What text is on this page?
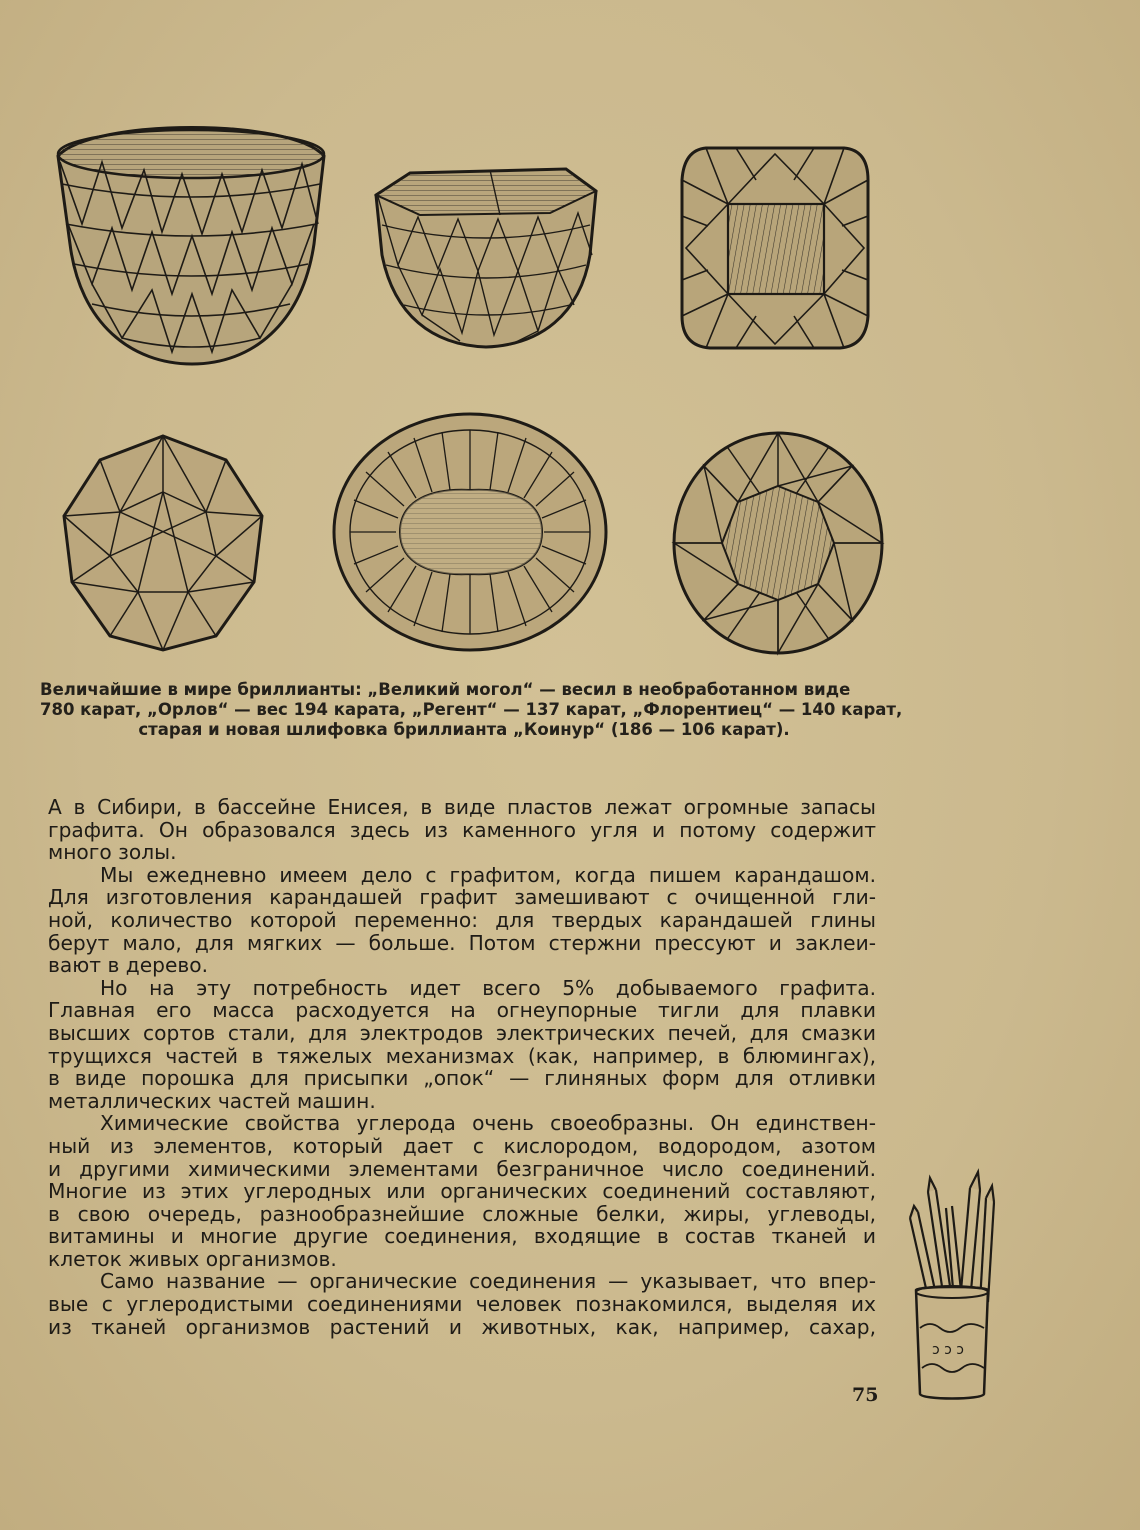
Величайшие в мире бриллианты: „Великий могол“ — весил в необработанном виде
780 карат, „Орлов“ — вес 194 карата, „Регент“ — 137 карат, „Флорентиец“ — 140 карат,
старая и новая шлифовка бриллианта „Коинур“ (186 — 106 карат).

А в Сибири, в бассейне Енисея, в виде пластов лежат огромные запасы
графита. Он образовался здесь из каменного угля и потому содержит
много золы.

Мы ежедневно имеем дело с графитом, когда пишем карандашом.
Для изготовления карандашей графит замешивают с очищенной гли-
ной, количество которой переменно: для твердых карандашей глины
берут мало, для мягких — больше. Потом стержни прессуют и заклеи-
вают в дерево.

Но на эту потребность идет всего 5% добываемого графита.
Главная его масса расходуется на огнеупорные тигли для плавки
высших сортов стали, для электродов электрических печей, для смазки
трущихся частей в тяжелых механизмах (как, например, в блюмингах),
в виде порошка для присыпки „опок“ — глиняных форм для отливки
металлических частей машин.

Химические свойства углерода очень своеобразны. Он единствен-
ный из элементов, который дает с кислородом, водородом, азотом
и другими химическими элементами безграничное число соединений.
Многие из этих углеродных или органических соединений составляют,
в свою очередь, разнообразнейшие сложные белки, жиры, углеводы,
витамины и многие другие соединения, входящие в состав тканей и
клеток живых организмов.

Само название — органические соединения — указывает, что впер-
вые с углеродистыми соединениями человек познакомился, выделяя их
из тканей организмов растений и животных, как, например, сахар,

ɔ ɔ ɔ
75
